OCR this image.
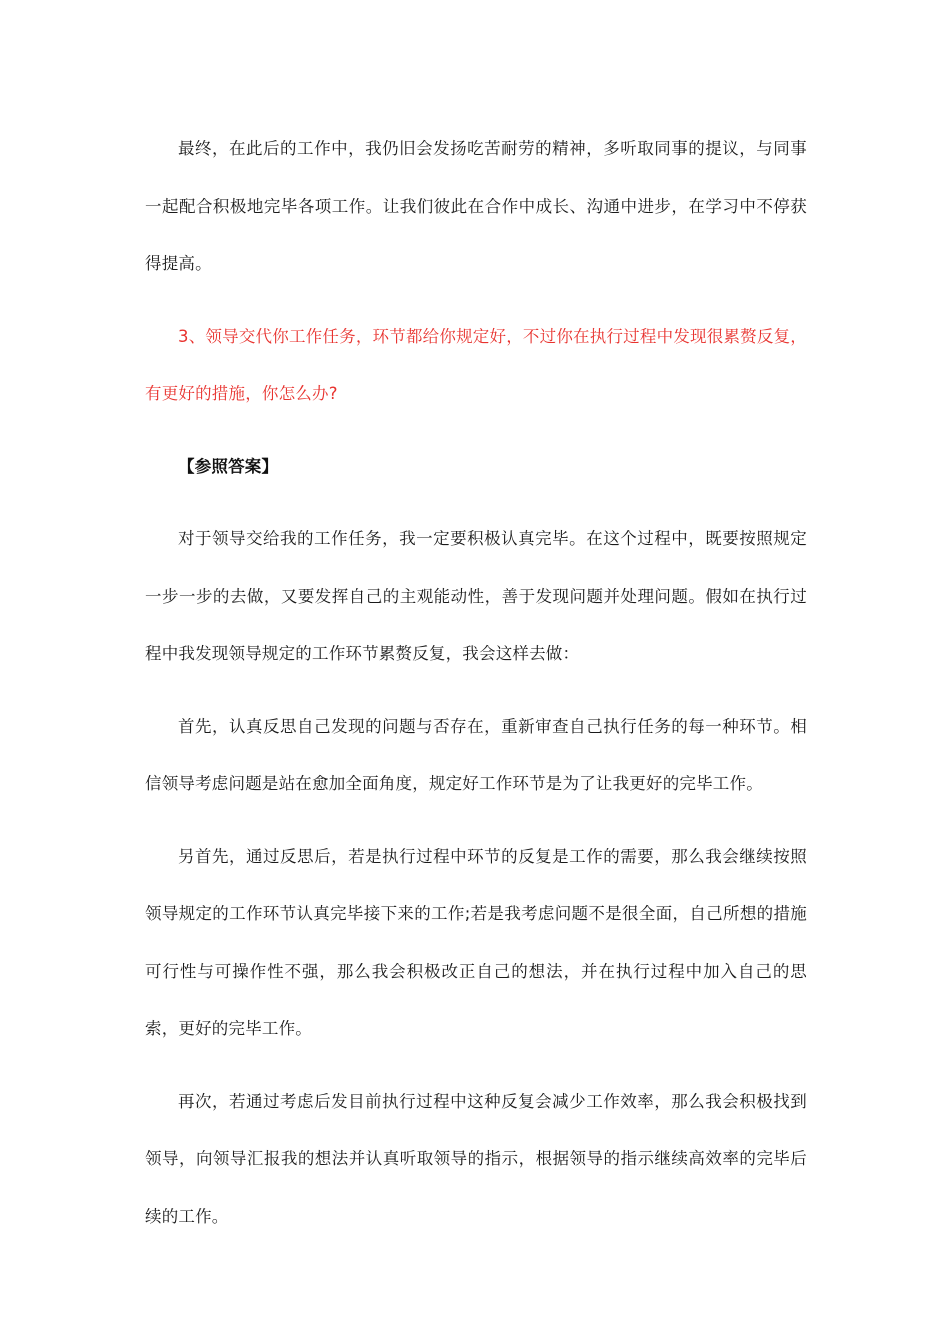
最终，在此后的工作中，我仍旧会发扬吃苦耐劳的精神，多听取同事的提议，与同事一起配合积极地完毕各项工作。让我们彼此在合作中成长、沟通中进步，在学习中不停获得提高。

3、领导交代你工作任务，环节都给你规定好，不过你在执行过程中发现很累赘反复，有更好的措施，你怎么办?

【参照答案】

对于领导交给我的工作任务，我一定要积极认真完毕。在这个过程中，既要按照规定一步一步的去做，又要发挥自己的主观能动性，善于发现问题并处理问题。假如在执行过程中我发现领导规定的工作环节累赘反复，我会这样去做：

首先，认真反思自己发现的问题与否存在，重新审查自己执行任务的每一种环节。相信领导考虑问题是站在愈加全面角度，规定好工作环节是为了让我更好的完毕工作。

另首先，通过反思后，若是执行过程中环节的反复是工作的需要，那么我会继续按照领导规定的工作环节认真完毕接下来的工作;若是我考虑问题不是很全面，自己所想的措施可行性与可操作性不强，那么我会积极改正自己的想法，并在执行过程中加入自己的思索，更好的完毕工作。

再次，若通过考虑后发目前执行过程中这种反复会减少工作效率，那么我会积极找到领导，向领导汇报我的想法并认真听取领导的指示，根据领导的指示继续高效率的完毕后续的工作。
